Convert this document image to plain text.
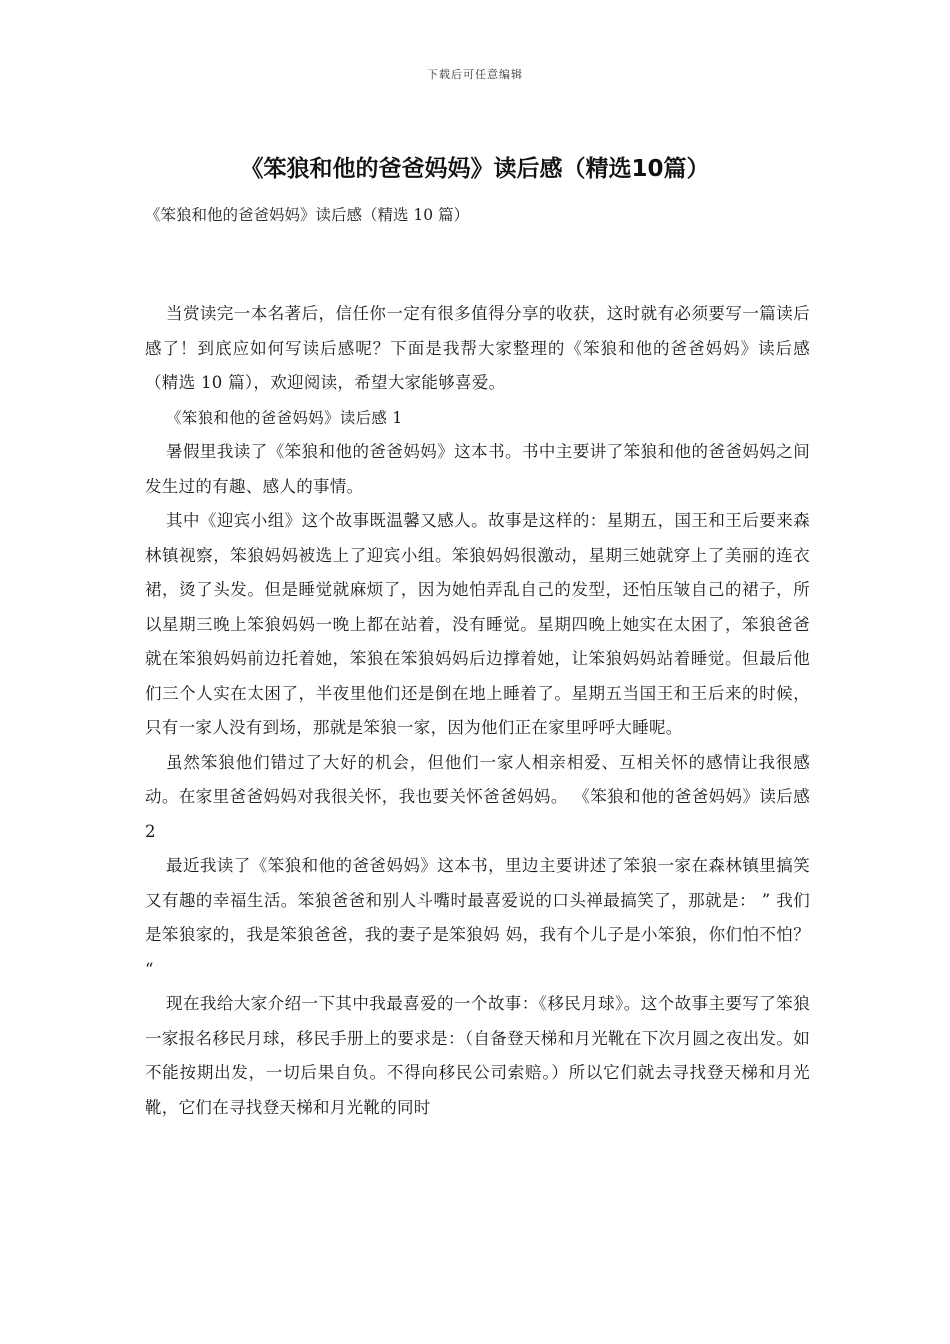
下载后可任意编辑
《笨狼和他的爸爸妈妈》读后感（精选10篇）

《笨狼和他的爸爸妈妈》读后感（精选 10 篇）

当赏读完一本名著后，信任你一定有很多值得分享的收获，这时就有必须要写一篇读后感了！到底应如何写读后感呢？下面是我帮大家整理的《笨狼和他的爸爸妈妈》读后感（精选 10 篇），欢迎阅读，希望大家能够喜爱。

《笨狼和他的爸爸妈妈》读后感 1

暑假里我读了《笨狼和他的爸爸妈妈》这本书。书中主要讲了笨狼和他的爸爸妈妈之间发生过的有趣、感人的事情。

其中《迎宾小组》这个故事既温馨又感人。故事是这样的：星期五，国王和王后要来森林镇视察，笨狼妈妈被选上了迎宾小组。笨狼妈妈很激动，星期三她就穿上了美丽的连衣裙，烫了头发。但是睡觉就麻烦了，因为她怕弄乱自己的发型，还怕压皱自己的裙子，所以星期三晚上笨狼妈妈一晚上都在站着，没有睡觉。星期四晚上她实在太困了，笨狼爸爸就在笨狼妈妈前边托着她，笨狼在笨狼妈妈后边撑着她，让笨狼妈妈站着睡觉。但最后他们三个人实在太困了，半夜里他们还是倒在地上睡着了。星期五当国王和王后来的时候，只有一家人没有到场，那就是笨狼一家，因为他们正在家里呼呼大睡呢。

虽然笨狼他们错过了大好的机会，但他们一家人相亲相爱、互相关怀的感情让我很感动。在家里爸爸妈妈对我很关怀，我也要关怀爸爸妈妈。 《笨狼和他的爸爸妈妈》读后感 2

最近我读了《笨狼和他的爸爸妈妈》这本书，里边主要讲述了笨狼一家在森林镇里搞笑又有趣的幸福生活。笨狼爸爸和别人斗嘴时最喜爱说的口头禅最搞笑了，那就是： ” 我们是笨狼家的，我是笨狼爸爸，我的妻子是笨狼妈 妈，我有个儿子是小笨狼，你们怕不怕？ “

现在我给大家介绍一下其中我最喜爱的一个故事：《移民月球》。这个故事主要写了笨狼一家报名移民月球，移民手册上的要求是：（自备登天梯和月光靴在下次月圆之夜出发。如不能按期出发，一切后果自负。不得向移民公司索赔。）所以它们就去寻找登天梯和月光靴，它们在寻找登天梯和月光靴的同时
